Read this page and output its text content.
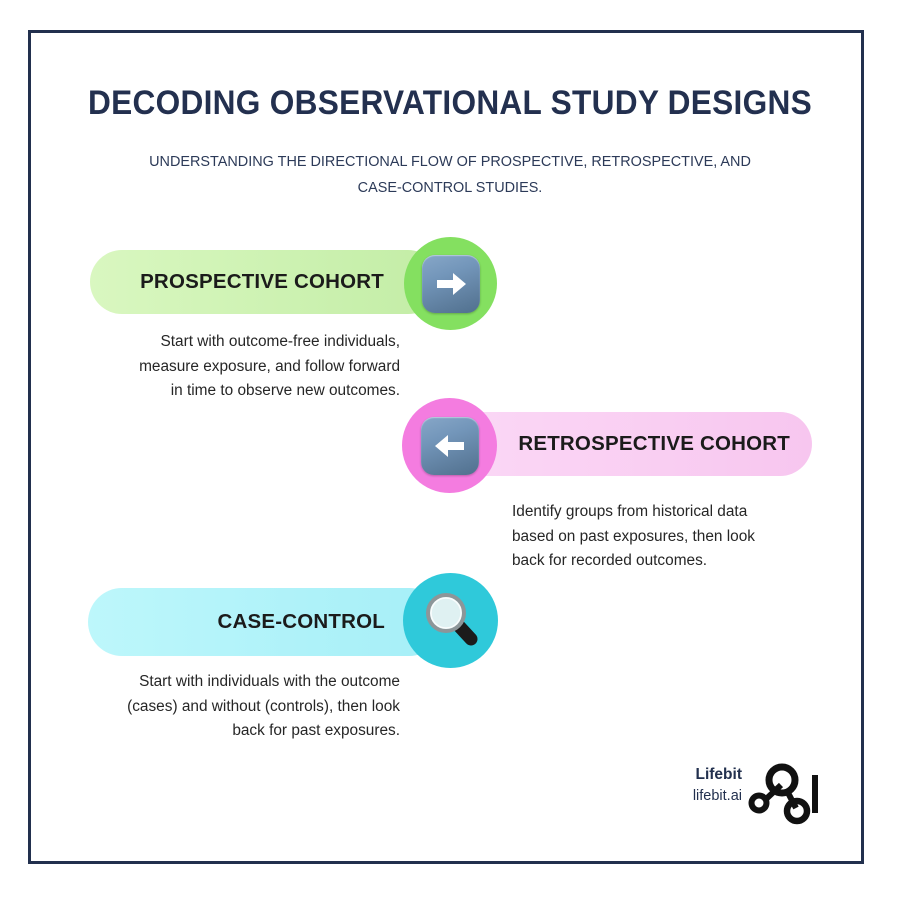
DECODING OBSERVATIONAL STUDY DESIGNS
UNDERSTANDING THE DIRECTIONAL FLOW OF PROSPECTIVE, RETROSPECTIVE, AND CASE-CONTROL STUDIES.
PROSPECTIVE COHORT
Start with outcome-free individuals, measure exposure, and follow forward in time to observe new outcomes.
RETROSPECTIVE COHORT
Identify groups from historical data based on past exposures, then look back for recorded outcomes.
CASE-CONTROL
Start with individuals with the outcome (cases) and without (controls), then look back for past exposures.
Lifebit
lifebit.ai
